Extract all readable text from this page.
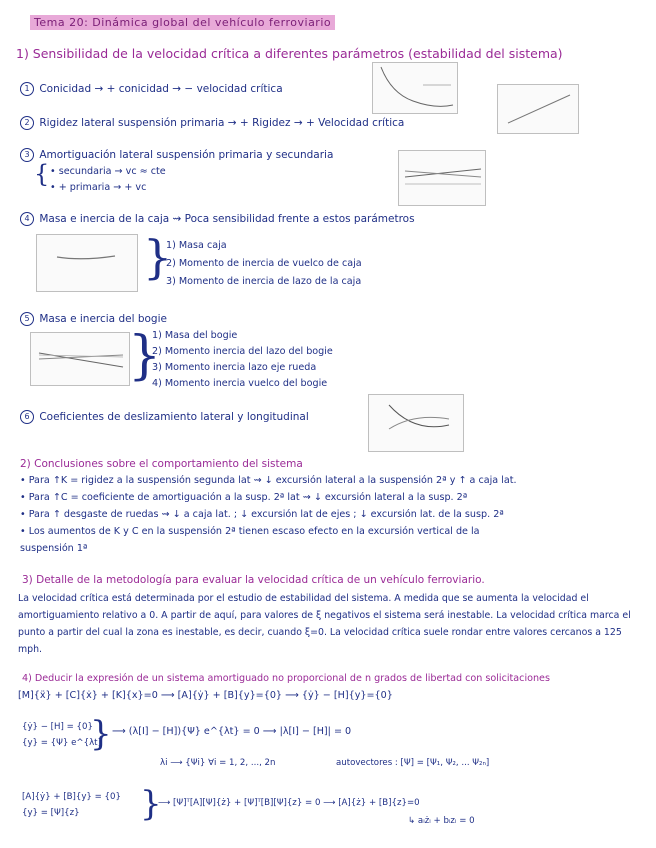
Tema 20: Dinámica global del vehículo ferroviario
1) Sensibilidad de la velocidad crítica a diferentes parámetros (estabilidad del sistema)
1 Conicidad → + conicidad → − velocidad crítica
2 Rigidez lateral suspensión primaria → + Rigidez → + Velocidad crítica
3 Amortiguación lateral suspensión primaria y secundaria
{ • secundaria → vc ≈ cte
• + primaria → + vc
4 Masa e inercia de la caja ⇝ Poca sensibilidad frente a estos parámetros
}
1) Masa caja
2) Momento de inercia de vuelco de caja
3) Momento de inercia de lazo de la caja
5 Masa e inercia del bogie
}
1) Masa del bogie
2) Momento inercia del lazo del bogie
3) Momento inercia lazo eje rueda
4) Momento inercia vuelco del bogie
6 Coeficientes de deslizamiento lateral y longitudinal
2) Conclusiones sobre el comportamiento del sistema
• Para ↑K = rigidez a la suspensión segunda lat ⇝ ↓ excursión lateral a la suspensión 2ª y ↑ a caja lat.
• Para ↑C = coeficiente de amortiguación a la susp. 2ª lat ⇝ ↓ excursión lateral a la susp. 2ª
• Para ↑ desgaste de ruedas ⇝ ↓ a caja lat. ; ↓ excursión lat de ejes ; ↓ excursión lat. de la susp. 2ª
• Los aumentos de K y C en la suspensión 2ª tienen escaso efecto en la excursión vertical de la
suspensión 1ª
3) Detalle de la metodología para evaluar la velocidad crítica de un vehículo ferroviario.
La velocidad crítica está determinada por el estudio de estabilidad del sistema. A medida que se aumenta la velocidad el amortiguamiento relativo a 0. A partir de aquí, para valores de ξ negativos el sistema será inestable. La velocidad crítica marca el punto a partir del cual la zona es inestable, es decir, cuando ξ=0. La velocidad crítica suele rondar entre valores cercanos a 125 mph.
4) Deducir la expresión de un sistema amortiguado no proporcional de n grados de libertad con solicitaciones
[M]{ẍ} + [C]{ẋ} + [K]{x}=0 ⟶ [A]{ẏ} + [B]{y}={0} ⟶ {ẏ} − [H]{y}={0}
{ẏ} − [H] = {0}
{y} = {Ψ} e^{λt}
} ⟶ (λ[I] − [H]){Ψ} e^{λt} = 0 ⟶ |λ[I] − [H]| = 0
λi ⟶ {Ψi} ∀i = 1, 2, ..., 2n	autovectores : [Ψ] = [Ψ₁, Ψ₂, ... Ψ₂ₙ]
[A]{ẏ} + [B]{y} = {0}
{y} = [Ψ]{z} }
⟶ [Ψ]ᵀ[A][Ψ]{ż} + [Ψ]ᵀ[B][Ψ]{z} = 0 ⟶ [A]{ż} + [B]{z}=0
↳ aᵢżᵢ + bᵢzᵢ = 0
